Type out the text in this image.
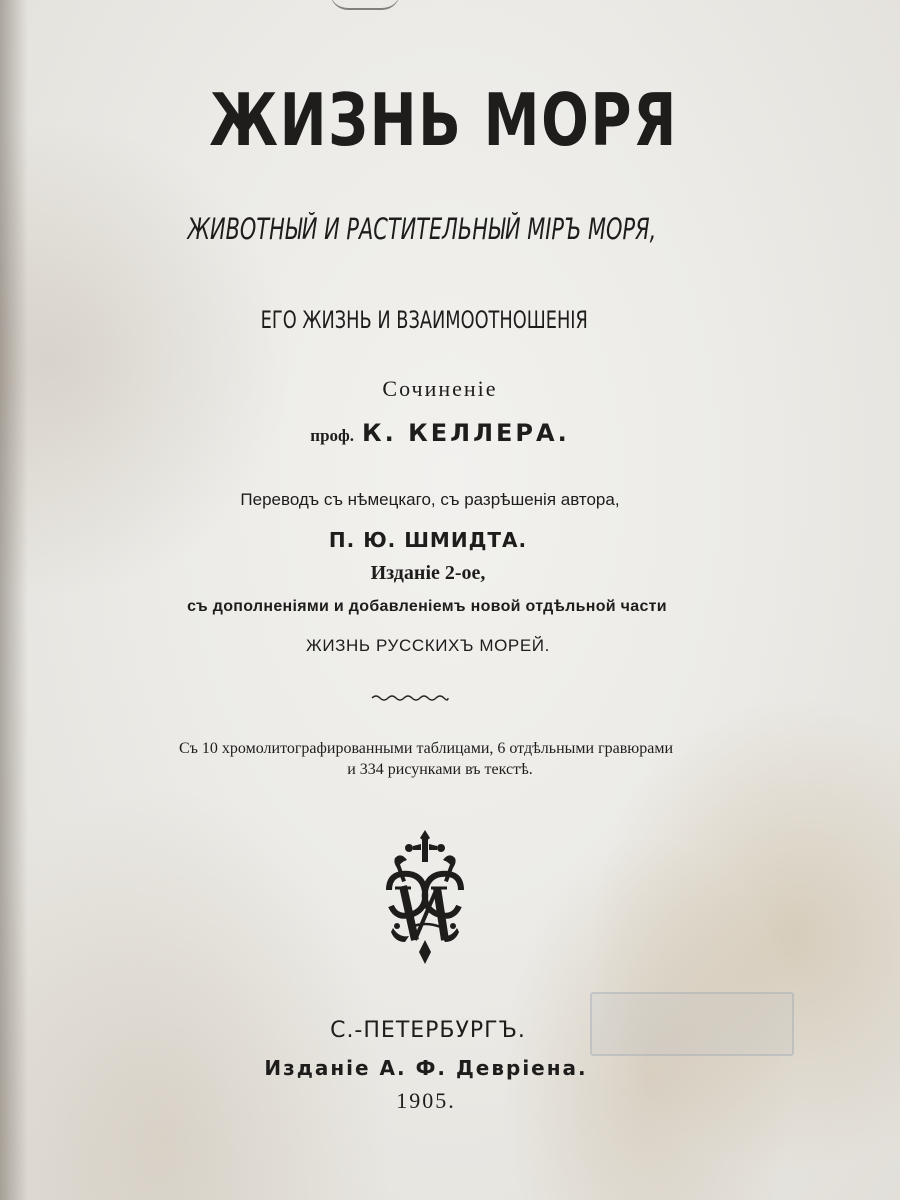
ЖИЗНЬ МОРЯ

ЖИВОТНЫЙ И РАСТИТЕЛЬНЫЙ МІРЪ МОРЯ,

ЕГО ЖИЗНЬ И ВЗАИМООТНОШЕНІЯ

Сочиненіе

проф. К. КЕЛЛЕРА.

Переводъ съ нѣмецкаго, съ разрѣшенія автора,

П. Ю. ШМИДТА.

Изданіе 2-ое,

съ дополненіями и добавленіемъ новой отдѣльной части

ЖИЗНЬ РУССКИХЪ МОРЕЙ.

Съ 10 хромолитографированными таблицами, 6 отдѣльными гравюрами

и 334 рисунками въ текстѣ.

С.-ПЕТЕРБУРГЪ.

Изданіе А. Ф. Девріена.

1905.
